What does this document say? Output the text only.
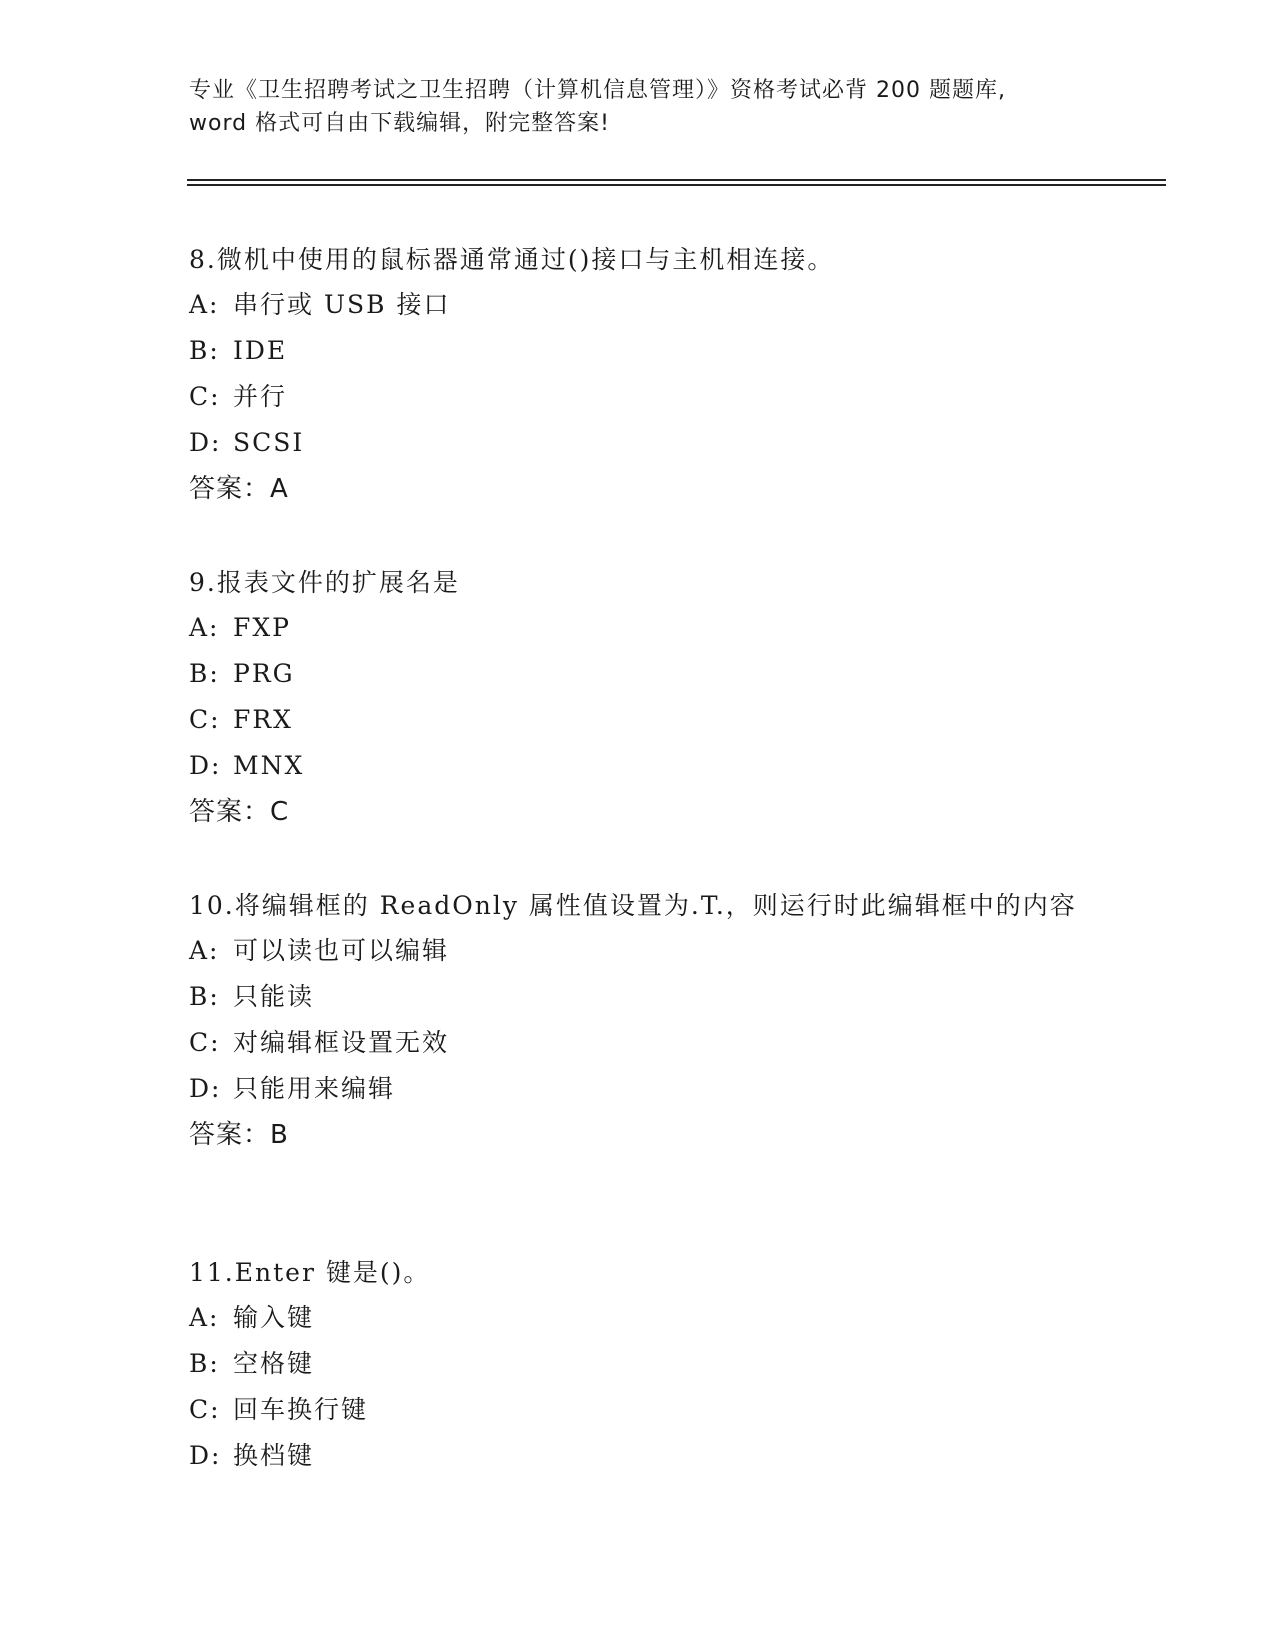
专业《卫生招聘考试之卫生招聘（计算机信息管理）》资格考试必背 200 题题库,
word 格式可自由下载编辑，附完整答案!

8.微机中使用的鼠标器通常通过()接口与主机相连接。

A: 串行或 USB 接口
B: IDE
C: 并行
D: SCSI
答案：A

9.报表文件的扩展名是

A: FXP
B: PRG
C: FRX
D: MNX
答案：C

10.将编辑框的 ReadOnly 属性值设置为.T.，则运行时此编辑框中的内容

A: 可以读也可以编辑
B: 只能读
C: 对编辑框设置无效
D: 只能用来编辑
答案：B

11.Enter 键是()。

A: 输入键
B: 空格键
C: 回车换行键
D: 换档键
